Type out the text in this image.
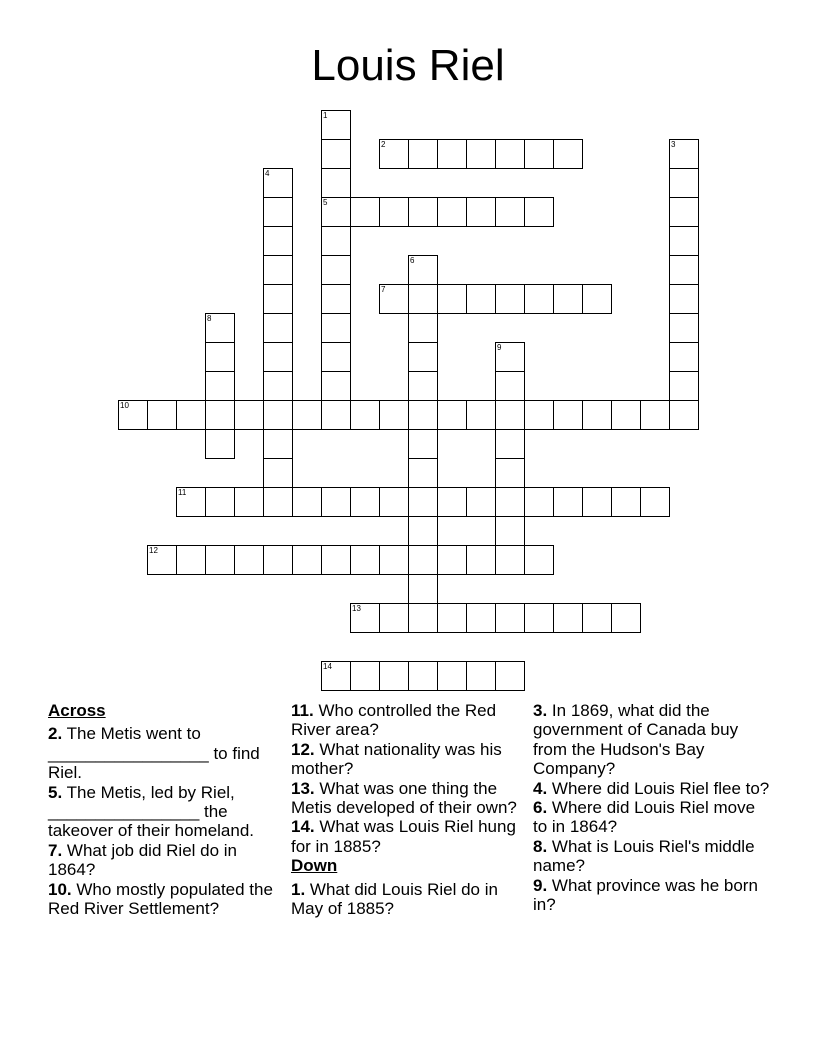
Louis Riel
1
5
2	3
4
6
7
8
9
10
11
12
13
14
Across
2. The Metis went to _________________ to find Riel.
5. The Metis, led by Riel, ________________ the takeover of their homeland.
7. What job did Riel do in 1864?
10. Who mostly populated the Red River Settlement?
11. Who controlled the Red River area?
12. What nationality was his mother?
13. What was one thing the Metis developed of their own?
14. What was Louis Riel hung for in 1885?
Down
1. What did Louis Riel do in May of 1885?
3. In 1869, what did the government of Canada buy from the Hudson's Bay Company?
4. Where did Louis Riel flee to?
6. Where did Louis Riel move to in 1864?
8. What is Louis Riel's middle name?
9. What province was he born in?
